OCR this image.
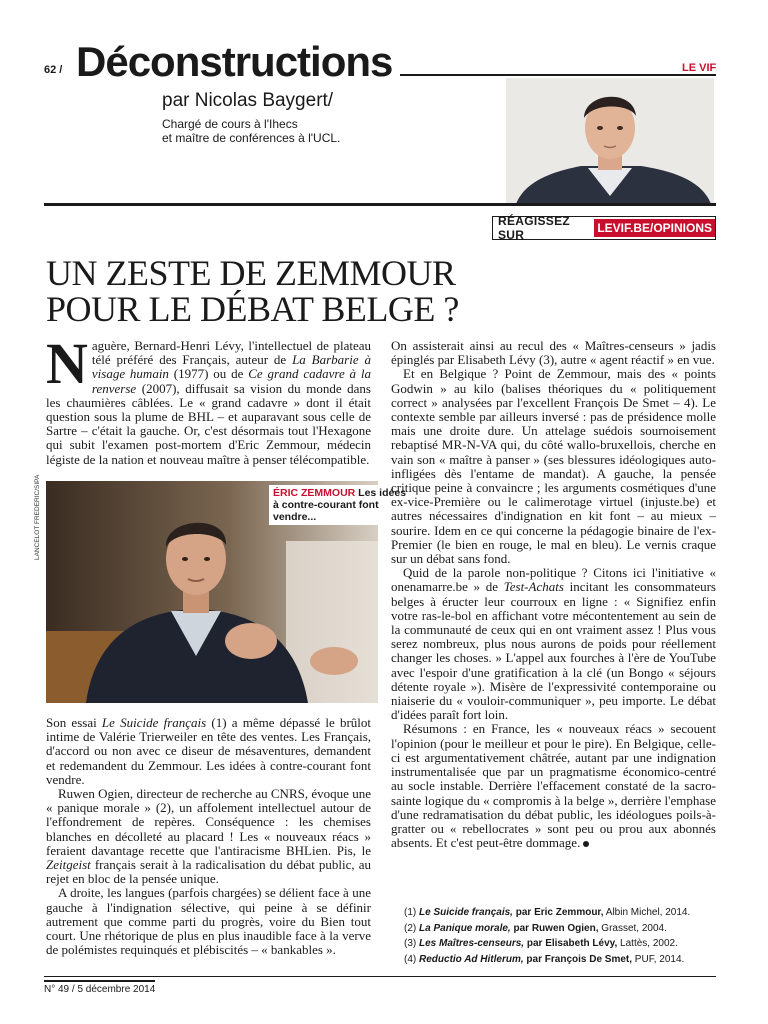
62 / Déconstructions	LE VIF
par Nicolas Baygert/
Chargé de cours à l'Ihecs
et maître de conférences à l'UCL.
RÉAGISSEZ SUR	LEVIF.BE/OPINIONS
UN ZESTE DE ZEMMOUR
POUR LE DÉBAT BELGE ?

Naguère, Bernard-Henri Lévy, l'intellectuel de plateau télé préféré des Français, auteur de La Barbarie à visage humain (1977) ou de Ce grand cadavre à la renverse (2007), diffusait sa vision du monde dans les chaumières câblées. Le « grand cadavre » dont il était question sous la plume de BHL – et auparavant sous celle de Sartre – c'était la gauche. Or, c'est désormais tout l'Hexagone qui subit l'examen post-mortem d'Eric Zemmour, médecin légiste de la nation et nouveau maître à penser télécompatible.

ÉRIC ZEMMOUR Les idées à contre-courant font vendre...
LANCELOT FREDERIC/SIPA

Son essai Le Suicide français (1) a même dépassé le brûlot intime de Valérie Trierweiler en tête des ventes. Les Français, d'accord ou non avec ce diseur de mésaventures, demandent et redemandent du Zemmour. Les idées à contre-courant font vendre.

Ruwen Ogien, directeur de recherche au CNRS, évoque une « panique morale » (2), un affolement intellectuel autour de l'effondrement de repères. Conséquence : les chemises blanches en décolleté au placard ! Les « nouveaux réacs » feraient davantage recette que l'antiracisme BHLien. Pis, le Zeitgeist français serait à la radicalisation du débat public, au rejet en bloc de la pensée unique.

A droite, les langues (parfois chargées) se délient face à une gauche à l'indignation sélective, qui peine à se définir autrement que comme parti du progrès, voire du Bien tout court. Une rhétorique de plus en plus inaudible face à la verve de polémistes requinqués et plébiscités – « bankables ».

On assisterait ainsi au recul des « Maîtres-censeurs » jadis épinglés par Elisabeth Lévy (3), autre « agent réactif » en vue.

Et en Belgique ? Point de Zemmour, mais des « points Godwin » au kilo (balises théoriques du « politiquement correct » analysées par l'excellent François De Smet – 4). Le contexte semble par ailleurs inversé : pas de présidence molle mais une droite dure. Un attelage suédois sournoisement rebaptisé MR-N-VA qui, du côté wallo-bruxellois, cherche en vain son « maître à panser » (ses blessures idéologiques auto-infligées dès l'entame de mandat). A gauche, la pensée critique peine à convaincre ; les arguments cosmétiques d'une ex-vice-Première ou le calimerotage virtuel (injuste.be) et autres nécessaires d'indignation en kit font – au mieux – sourire. Idem en ce qui concerne la pédagogie binaire de l'ex-Premier (le bien en rouge, le mal en bleu). Le vernis craque sur un débat sans fond.

Quid de la parole non-politique ? Citons ici l'initiative « onenamarre.be » de Test-Achats incitant les consommateurs belges à éructer leur courroux en ligne : « Signifiez enfin votre ras-le-bol en affichant votre mécontentement au sein de la communauté de ceux qui en ont vraiment assez ! Plus vous serez nombreux, plus nous aurons de poids pour réellement changer les choses. » L'appel aux fourches à l'ère de YouTube avec l'espoir d'une gratification à la clé (un Bongo « séjours détente royale »). Misère de l'expressivité contemporaine ou niaiserie du « vouloir-communiquer », peu importe. Le débat d'idées paraît fort loin.

Résumons : en France, les « nouveaux réacs » secouent l'opinion (pour le meilleur et pour le pire). En Belgique, celle-ci est argumentativement châtrée, autant par une indignation instrumentalisée que par un pragmatisme économico-centré au socle instable. Derrière l'effacement constaté de la sacro-sainte logique du « compromis à la belge », derrière l'emphase d'une redramatisation du débat public, les idéologues poils-à-gratter ou « rebellocrates » sont peu ou prou aux abonnés absents. Et c'est peut-être dommage.

(1) Le Suicide français, par Eric Zemmour, Albin Michel, 2014.
(2) La Panique morale, par Ruwen Ogien, Grasset, 2004.
(3) Les Maîtres-censeurs, par Elisabeth Lévy, Lattès, 2002.
(4) Reductio Ad Hitlerum, par François De Smet, PUF, 2014.
N° 49 / 5 décembre 2014
